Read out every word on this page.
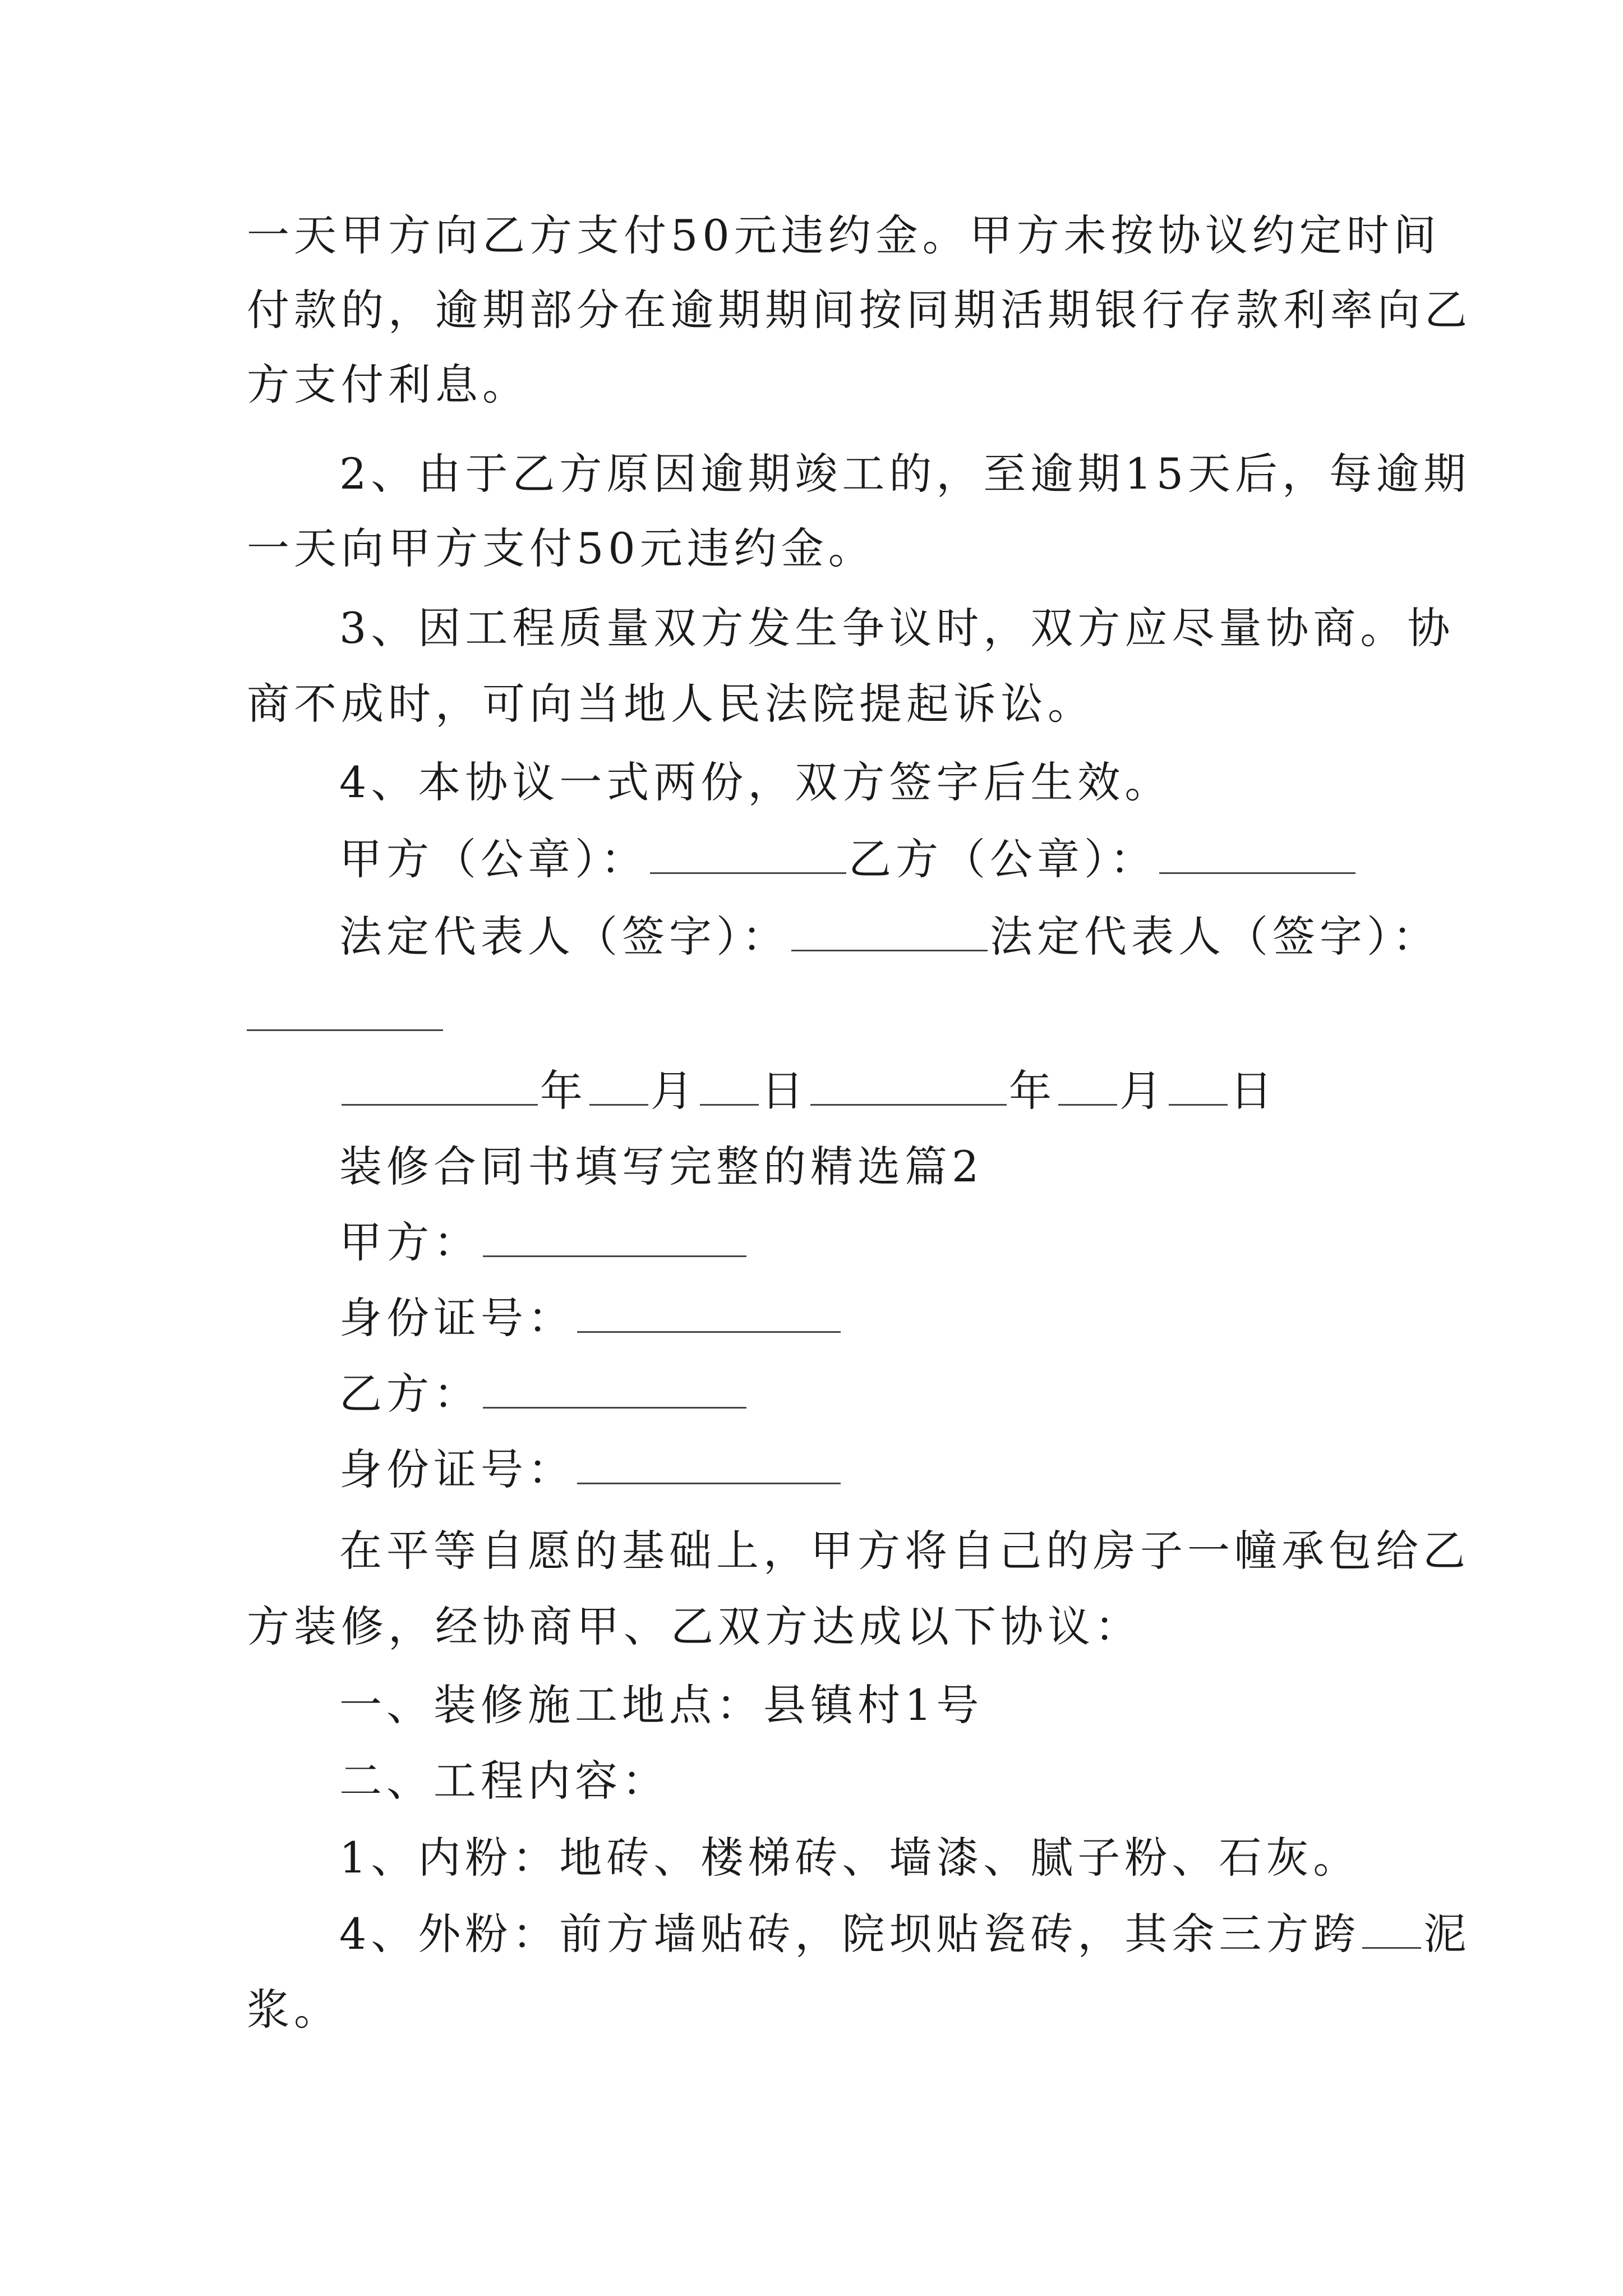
一天甲方向乙方支付50元违约金。甲方未按协议约定时间
付款的，逾期部分在逾期期间按同期活期银行存款利率向乙
方支付利息。
2、由于乙方原因逾期竣工的，至逾期15天后，每逾期
一天向甲方支付50元违约金。
3、因工程质量双方发生争议时，双方应尽量协商。协
商不成时，可向当地人民法院提起诉讼。
4、本协议一式两份，双方签字后生效。
甲方（公章）：	乙方（公章）：
法定代表人（签字）：	法定代表人（签字）：
年 月 日	年 月 日
装修合同书填写完整的精选篇2
甲方：
身份证号：
乙方：
身份证号：
在平等自愿的基础上，甲方将自己的房子一幢承包给乙
方装修，经协商甲、乙双方达成以下协议：
一、装修施工地点：县镇村1号
二、工程内容：
1、内粉：地砖、楼梯砖、墙漆、腻子粉、石灰。
4、外粉：前方墙贴砖，院坝贴瓷砖，其余三方跨 泥
浆。
